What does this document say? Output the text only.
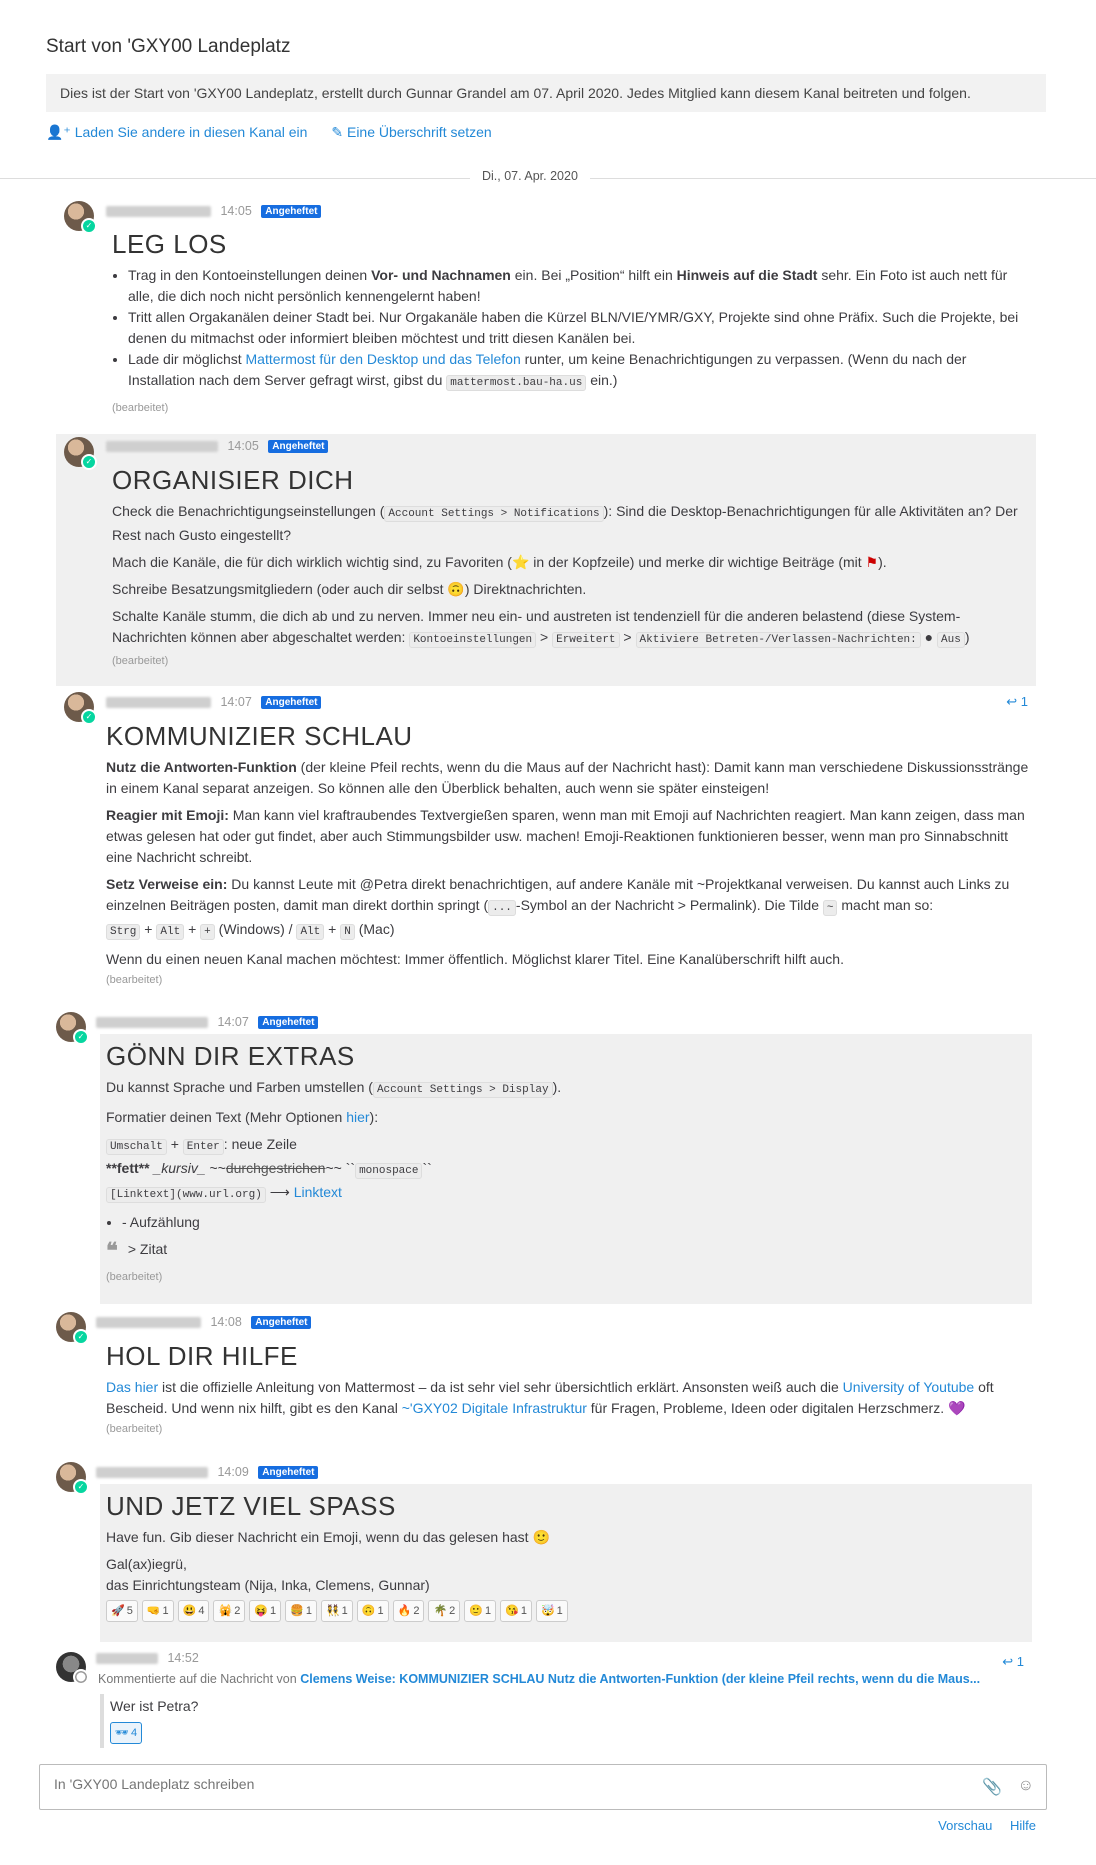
Start von 'GXY00 Landeplatz
Dies ist der Start von 'GXY00 Landeplatz, erstellt durch Gunnar Grandel am 07. April 2020. Jedes Mitglied kann diesem Kanal beitreten und folgen.
👤⁺ Laden Sie andere in diesen Kanal ein ✎ Eine Überschrift setzen
Di., 07. Apr. 2020
✓
14:05 Angeheftet
LEG LOS
• Trag in den Kontoeinstellungen deinen Vor- und Nachnamen ein. Bei „Position“ hilft ein Hinweis auf die Stadt sehr. Ein Foto ist auch nett für alle, die dich noch nicht persönlich kennengelernt haben!
• Tritt allen Orgakanälen deiner Stadt bei. Nur Orgakanäle haben die Kürzel BLN/VIE/YMR/GXY, Projekte sind ohne Präfix. Such die Projekte, bei denen du mitmachst oder informiert bleiben möchtest und tritt diesen Kanälen bei.
• Lade dir möglichst Mattermost für den Desktop und das Telefon runter, um keine Benachrichtigungen zu verpassen. (Wenn du nach der Installation nach dem Server gefragt wirst, gibst du mattermost.bau-ha.us ein.)
(bearbeitet)
✓
14:05 Angeheftet
ORGANISIER DICH

Check die Benachrichtigungseinstellungen ( Account Settings > Notifications ): Sind die Desktop-Benachrichtigungen für alle Aktivitäten an? Der Rest nach Gusto eingestellt?

Mach die Kanäle, die für dich wirklich wichtig sind, zu Favoriten (⭐ in der Kopfzeile) und merke dir wichtige Beiträge (mit ⚑).

Schreibe Besatzungsmitgliedern (oder auch dir selbst 🙃) Direktnachrichten.

Schalte Kanäle stumm, die dich ab und zu nerven. Immer neu ein- und austreten ist tendenziell für die anderen belastend (diese System-Nachrichten können aber abgeschaltet werden: Kontoeinstellungen > Erweitert > Aktiviere Betreten-/Verlassen-Nachrichten: ● Aus )

(bearbeitet)
✓
14:07 Angeheftet	↩ 1
KOMMUNIZIER SCHLAU

Nutz die Antworten-Funktion (der kleine Pfeil rechts, wenn du die Maus auf der Nachricht hast): Damit kann man verschiedene Diskussionsstränge in einem Kanal separat anzeigen. So können alle den Überblick behalten, auch wenn sie später einsteigen!

Reagier mit Emoji: Man kann viel kraftraubendes Textvergießen sparen, wenn man mit Emoji auf Nachrichten reagiert. Man kann zeigen, dass man etwas gelesen hat oder gut findet, aber auch Stimmungsbilder usw. machen! Emoji-Reaktionen funktionieren besser, wenn man pro Sinnabschnitt eine Nachricht schreibt.

Setz Verweise ein: Du kannst Leute mit @Petra direkt benachrichtigen, auf andere Kanäle mit ~Projektkanal verweisen. Du kannst auch Links zu einzelnen Beiträgen posten, damit man direkt dorthin springt ( ... -Symbol an der Nachricht > Permalink). Die Tilde ~ macht man so:
Strg + Alt + + (Windows) / Alt + N (Mac)

Wenn du einen neuen Kanal machen möchtest: Immer öffentlich. Möglichst klarer Titel. Eine Kanalüberschrift hilft auch.

(bearbeitet)
✓
14:07 Angeheftet
GÖNN DIR EXTRAS

Du kannst Sprache und Farben umstellen ( Account Settings > Display ).

Formatier deinen Text (Mehr Optionen hier):

Umschalt + Enter : neue Zeile
**fett** _kursiv_ ~~durchgestrichen~~ `` monospace ``
[Linktext](www.url.org) ⟶ Linktext

• - Aufzählung

❝ > Zitat

(bearbeitet)
✓
14:08 Angeheftet
HOL DIR HILFE

Das hier ist die offizielle Anleitung von Mattermost – da ist sehr viel sehr übersichtlich erklärt. Ansonsten weiß auch die University of Youtube oft Bescheid. Und wenn nix hilft, gibt es den Kanal ~'GXY02 Digitale Infrastruktur für Fragen, Probleme, Ideen oder digitalen Herzschmerz. 💜

(bearbeitet)
✓
14:09 Angeheftet
UND JETZ VIEL SPASS

Have fun. Gib dieser Nachricht ein Emoji, wenn du das gelesen hast 🙂

Gal(ax)iegrü,
das Einrichtungsteam (Nija, Inka, Clemens, Gunnar)

🚀 5	🤜 1	😃 4	🙀 2	😝 1	🍔 1	👯 1	🙃 1	🔥 2	🌴 2	🙂 1	😘 1	🤯 1
14:52	↩ 1
Kommentierte auf die Nachricht von Clemens Weise: KOMMUNIZIER SCHLAU Nutz die Antworten-Funktion (der kleine Pfeil rechts, wenn du die Maus...

Wer ist Petra?

🕶 4
In 'GXY00 Landeplatz schreiben
📎 ☺
Vorschau Hilfe
